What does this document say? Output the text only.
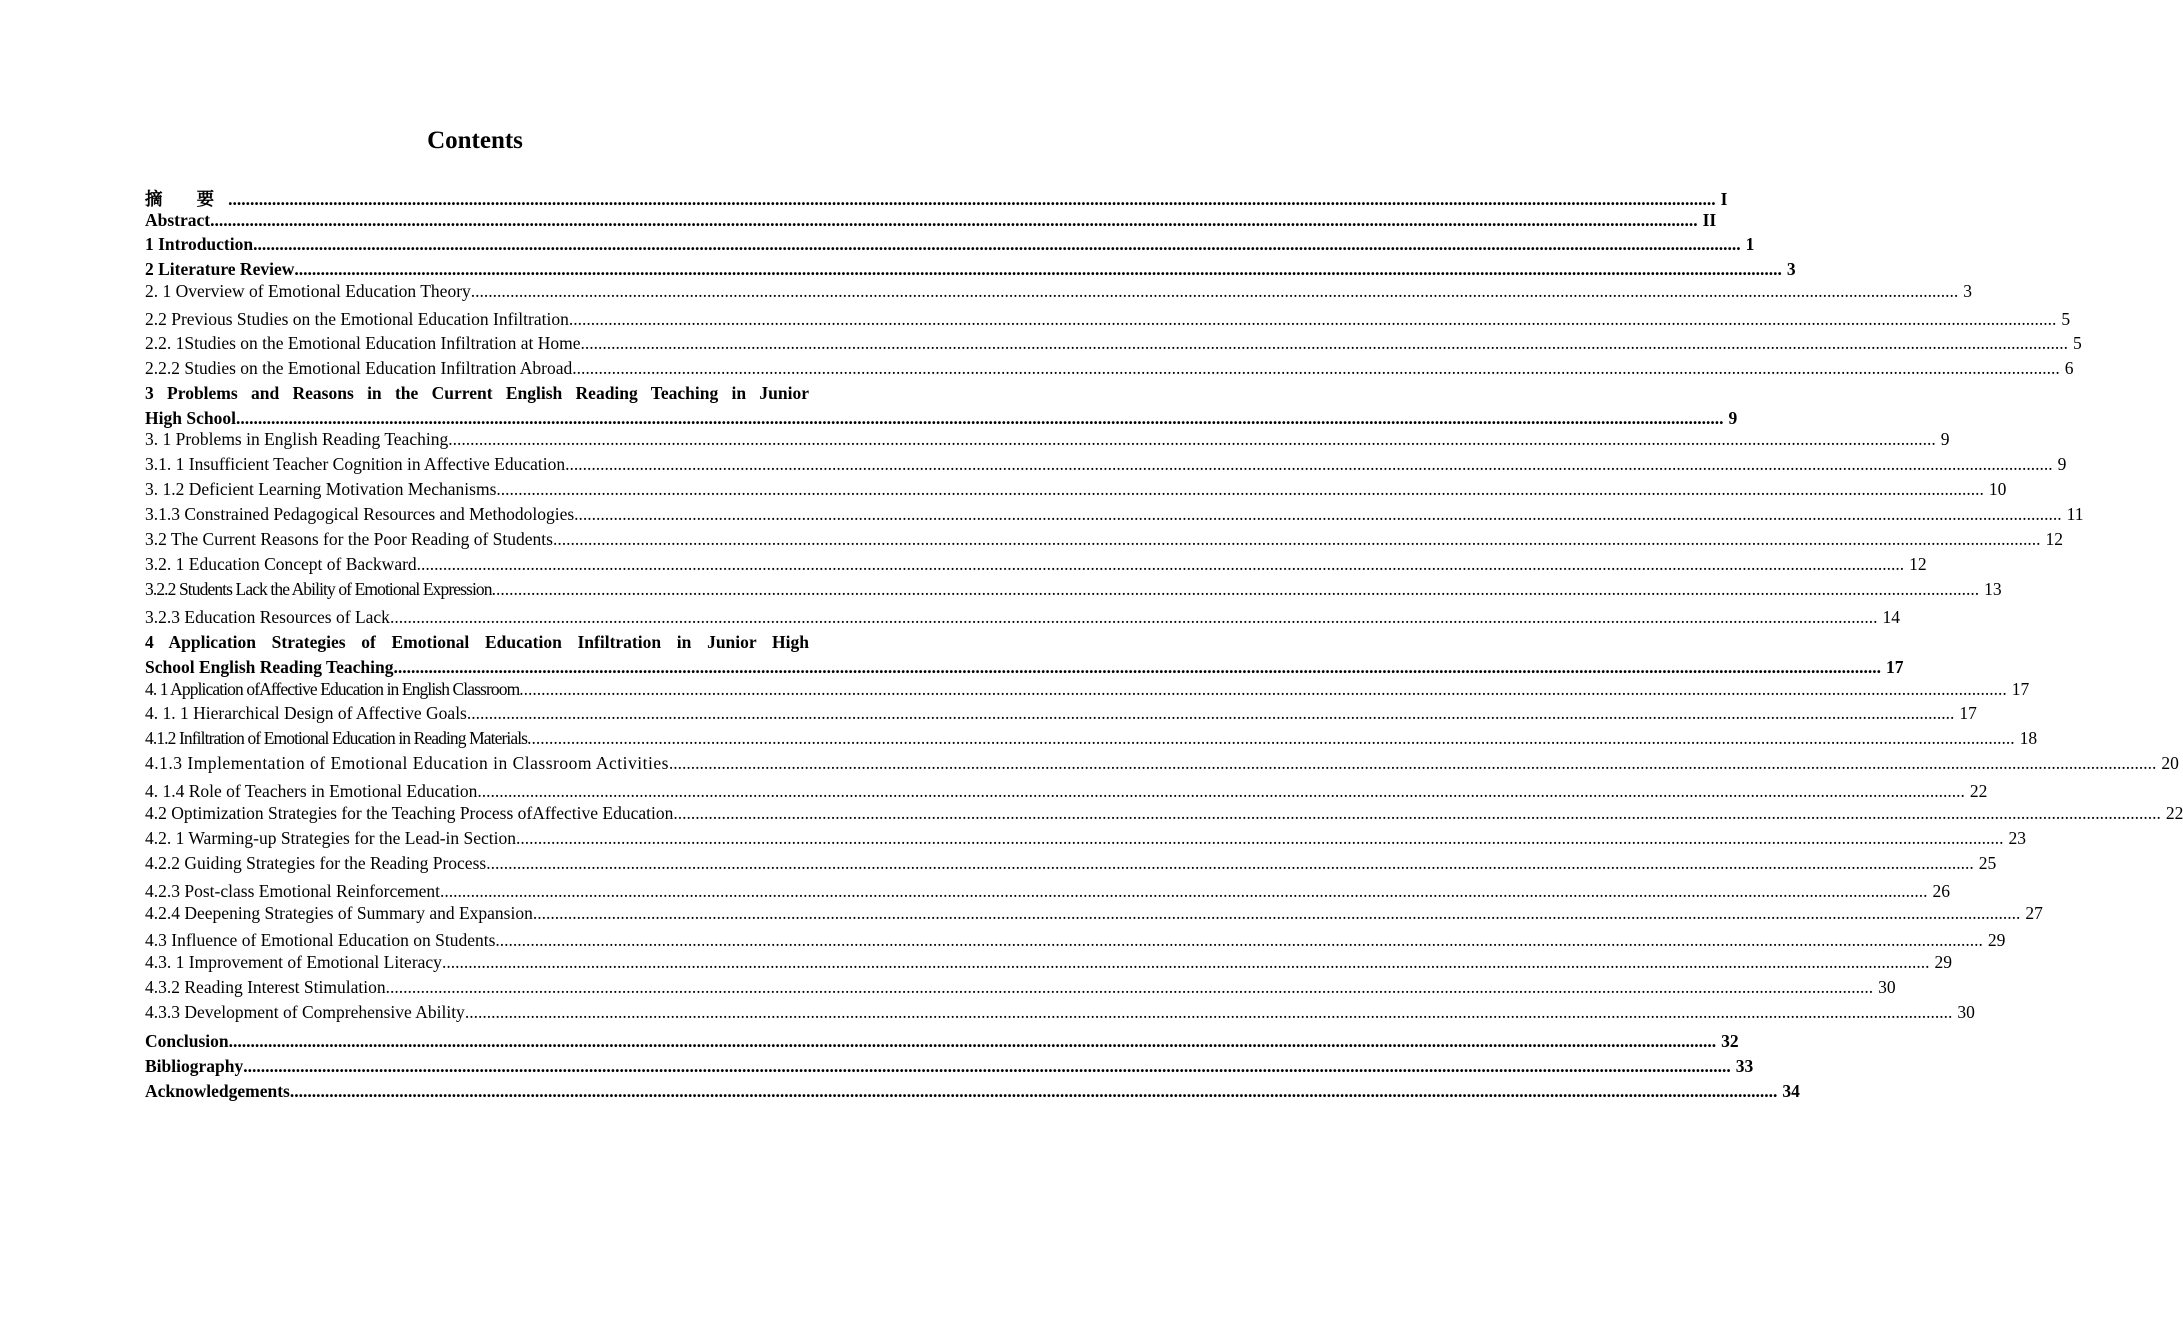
Contents
摘 要 .....	I
Abstract .....	II
1 Introduction .....	1
2 Literature Review .....	3
2. 1 Overview of Emotional Education Theory .....	3
2.2 Previous Studies on the Emotional Education Infiltration .....	5
2.2. 1Studies on the Emotional Education Infiltration at Home .....	5
2.2.2 Studies on the Emotional Education Infiltration Abroad .....	6
3 Problems and Reasons in the Current English Reading Teaching in Junior
High School .....	9
3. 1 Problems in English Reading Teaching .....	9
3.1. 1 Insufficient Teacher Cognition in Affective Education .....	9
3. 1.2 Deficient Learning Motivation Mechanisms .....	10
3.1.3 Constrained Pedagogical Resources and Methodologies .....	11
3.2 The Current Reasons for the Poor Reading of Students .....	12
3.2. 1 Education Concept of Backward .....	12
3.2.2 Students Lack the Ability of Emotional Expression .....	13
3.2.3 Education Resources of Lack .....	14
4 Application Strategies of Emotional Education Infiltration in Junior High
School English Reading Teaching .....	17
4. 1 Application ofAffective Education in English Classroom .....	17
4. 1. 1 Hierarchical Design of Affective Goals .....	17
4.1.2 Infiltration of Emotional Education in Reading Materials .....	18
4.1.3 Implementation of Emotional Education in Classroom Activities .....	20
4. 1.4 Role of Teachers in Emotional Education .....	22
4.2 Optimization Strategies for the Teaching Process ofAffective Education .....	22
4.2. 1 Warming-up Strategies for the Lead-in Section .....	23
4.2.2 Guiding Strategies for the Reading Process .....	25
4.2.3 Post-class Emotional Reinforcement .....	26
4.2.4 Deepening Strategies of Summary and Expansion .....	27
4.3 Influence of Emotional Education on Students .....	29
4.3. 1 Improvement of Emotional Literacy .....	29
4.3.2 Reading Interest Stimulation .....	30
4.3.3 Development of Comprehensive Ability .....	30
Conclusion .....	32
Bibliography .....	33
Acknowledgements .....	34
